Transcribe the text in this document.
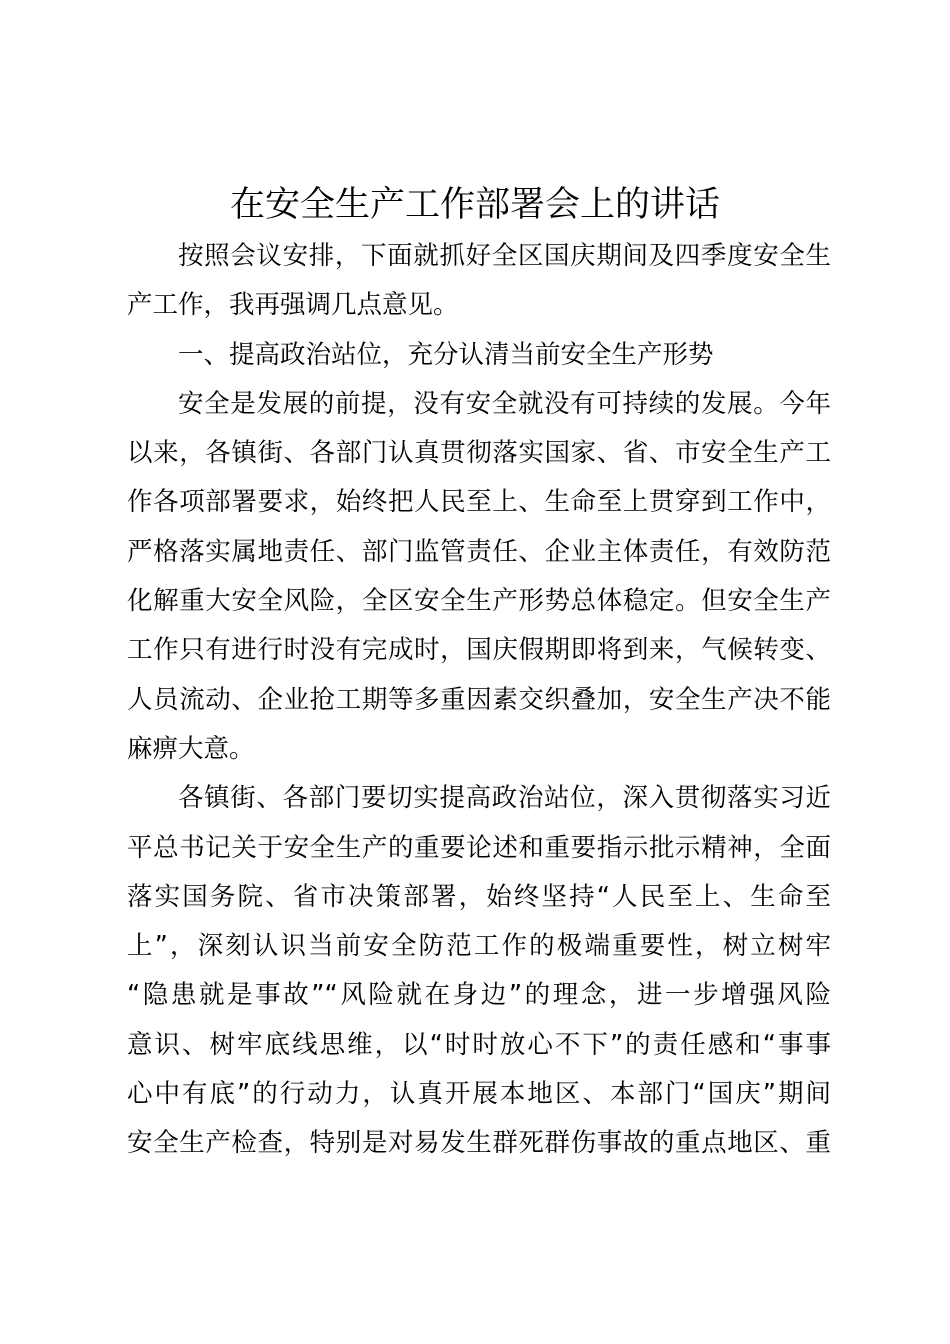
在安全生产工作部署会上的讲话
按照会议安排，下面就抓好全区国庆期间及四季度安全生
产工作，我再强调几点意见。
一、提高政治站位，充分认清当前安全生产形势
安全是发展的前提，没有安全就没有可持续的发展。今年
以来，各镇街、各部门认真贯彻落实国家、省、市安全生产工
作各项部署要求，始终把人民至上、生命至上贯穿到工作中，
严格落实属地责任、部门监管责任、企业主体责任，有效防范
化解重大安全风险，全区安全生产形势总体稳定。但安全生产
工作只有进行时没有完成时，国庆假期即将到来，气候转变、
人员流动、企业抢工期等多重因素交织叠加，安全生产决不能
麻痹大意。
各镇街、各部门要切实提高政治站位，深入贯彻落实习近
平总书记关于安全生产的重要论述和重要指示批示精神，全面
落实国务院、省市决策部署，始终坚持“人民至上、生命至
上”，深刻认识当前安全防范工作的极端重要性，树立树牢
“隐患就是事故”“风险就在身边”的理念，进一步增强风险
意识、树牢底线思维，以“时时放心不下”的责任感和“事事
心中有底”的行动力，认真开展本地区、本部门“国庆”期间
安全生产检查，特别是对易发生群死群伤事故的重点地区、重
